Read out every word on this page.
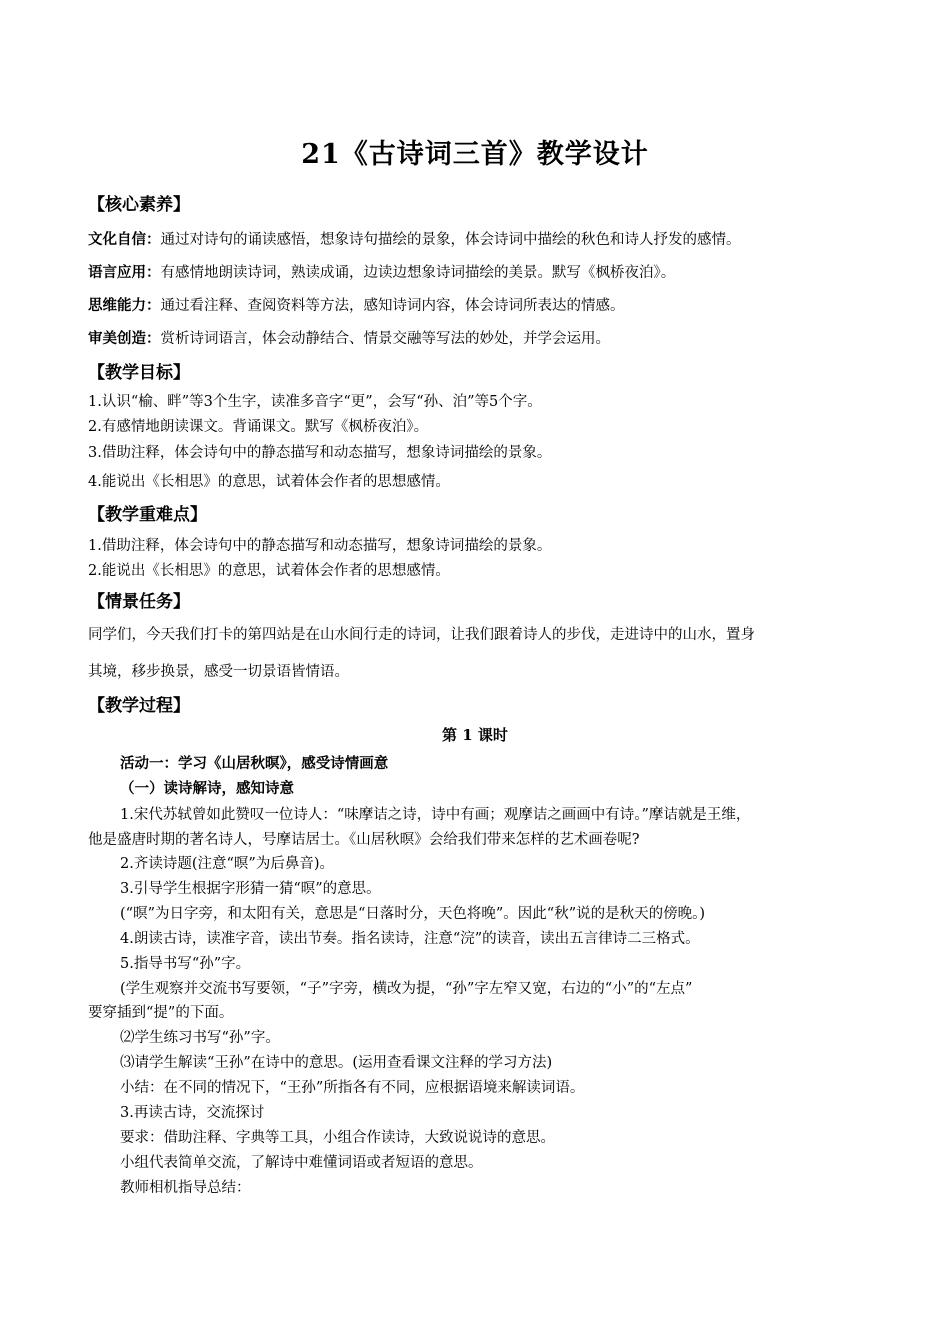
21《古诗词三首》教学设计
【核心素养】
文化自信：通过对诗句的诵读感悟，想象诗句描绘的景象，体会诗词中描绘的秋色和诗人抒发的感情。
语言应用：有感情地朗读诗词，熟读成诵，边读边想象诗词描绘的美景。默写《枫桥夜泊》。
思维能力：通过看注释、查阅资料等方法，感知诗词内容，体会诗词所表达的情感。
审美创造：赏析诗词语言，体会动静结合、情景交融等写法的妙处，并学会运用。
【教学目标】
1.认识“榆、畔”等3个生字，读准多音字“更”，会写“孙、泊”等5个字。
2.有感情地朗读课文。背诵课文。默写《枫桥夜泊》。
3.借助注释，体会诗句中的静态描写和动态描写，想象诗词描绘的景象。
4.能说出《长相思》的意思，试着体会作者的思想感情。
【教学重难点】
1.借助注释，体会诗句中的静态描写和动态描写，想象诗词描绘的景象。
2.能说出《长相思》的意思，试着体会作者的思想感情。
【情景任务】
同学们，今天我们打卡的第四站是在山水间行走的诗词，让我们跟着诗人的步伐，走进诗中的山水，置身
其境，移步换景，感受一切景语皆情语。
【教学过程】
第 1 课时
活动一：学习《山居秋暝》，感受诗情画意
（一）读诗解诗，感知诗意
1.宋代苏轼曾如此赞叹一位诗人：“味摩诘之诗，诗中有画；观摩诘之画画中有诗。”摩诘就是王维，
他是盛唐时期的著名诗人，号摩诘居士。《山居秋暝》会给我们带来怎样的艺术画卷呢?
2.齐读诗题(注意“暝”为后鼻音)。
3.引导学生根据字形猜一猜“暝”的意思。
(“暝”为日字旁，和太阳有关，意思是“日落时分，天色将晚”。因此“秋”说的是秋天的傍晚。)
4.朗读古诗，读准字音，读出节奏。指名读诗，注意“浣”的读音，读出五言律诗二三格式。
5.指导书写“孙”字。
(学生观察并交流书写要领，“子”字旁，横改为提，“孙”字左窄又宽，右边的“小”的“左点”
要穿插到“提”的下面。
⑵学生练习书写“孙”字。
⑶请学生解读“王孙”在诗中的意思。(运用查看课文注释的学习方法)
小结：在不同的情况下，“王孙”所指各有不同，应根据语境来解读词语。
3.再读古诗，交流探讨
要求：借助注释、字典等工具，小组合作读诗，大致说说诗的意思。
小组代表简单交流，了解诗中难懂词语或者短语的意思。
教师相机指导总结：
